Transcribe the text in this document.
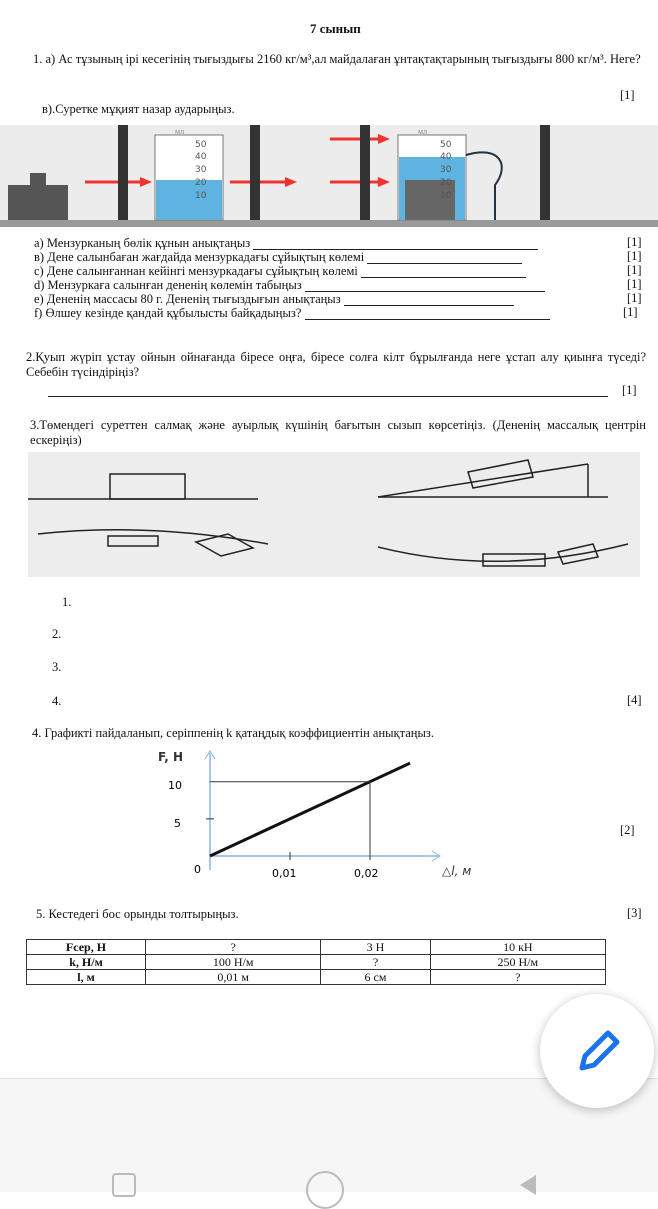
7 сынып
1. а) Ас тұзының ірі кесегінің тығыздығы 2160 кг/м³,ал майдалаған ұнтақтақтарының тығыздығы 800 кг/м³. Неге?
[1]
в).Суретке мұқият назар аударыңыз.
мл	мл
50
40
30
20
10
50
40
30
20
10
а) Мензурканың бөлік құнын анықтаңыз	[1]
в) Дене салынбаған жағдайда мензуркадағы сұйықтың көлемі	[1]
с) Дене салынғаннан кейінгі мензуркадағы сұйықтың көлемі	[1]
d) Мензуркаға салынған дененің көлемін табыңыз	[1]
е) Дененің массасы 80 г. Дененің тығыздығын анықтаңыз	[1]
f) Өлшеу кезінде қандай құбылысты байқадыңыз?	[1]
2.Қуып жүріп ұстау ойнын ойнағанда біресе оңға, біресе солға кілт бұрылғанда неге ұстап алу қиынға түседі? Себебін түсіндіріңіз?
[1]
3.Төмендегі суреттен салмақ және ауырлық күшінің бағытын сызып көрсетіңіз. (Дененің массалық центрін ескеріңіз)
1.
2.
3.
4.	[4]
4. Графикті пайдаланып, серіппенің k қатаңдық коэффициентін анықтаңыз.
F, Н
△l, м
10
5
0	0,01	0,02
[2]
5. Кестедегі бос орынды толтырыңыз.	[3]
Fсер, Н	?	3 Н	10 кН
k, Н/м	100 Н/м	?	250 Н/м
l, м	0,01 м	6 см	?
